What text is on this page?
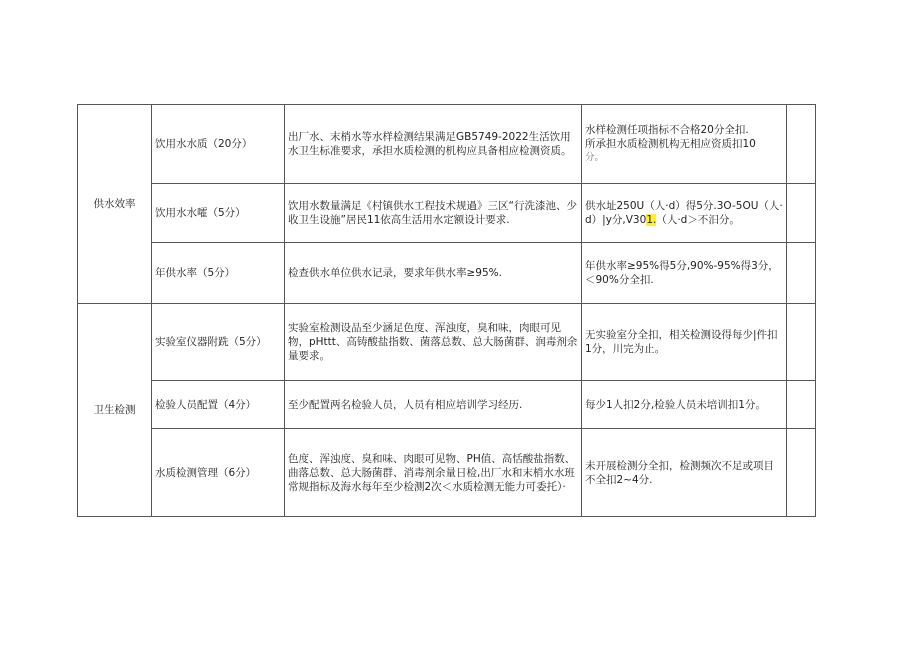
供水效率	饮用水水质（20分）	出厂水、末梢水等水样检测结果满足GB5749-2022生活饮用水卫生标准要求，承担水质检测的机构应具备相应检测资质。	水样检测任项指标不合格20分全扣.
所承担水质检测机构无相应资质扣10
分。	

	饮用水水嚯（5分）	饮用水数量满足《村镇供水工程技术规過》三区“行洗漆池、少收卫生设施”居民11依高生活用水定额设计要求.	供水址250U（人·d）得5分.3O-5OU（人·d）|y分,V301.（人·d＞不汨分。	
	年供水率（5分）	检查供水单位供水记录，要求年供水率≥95%.	年供水率≥95%得5分,90%-95%得3分，＜90%分全扣.	
卫生检测	实验室仪器附跣（5分）	实验室检测设品至少涵足色度、浑浊度，臭和味，肉眼可见物，pHttt、高铸酸盐指数、菌落总数、总大肠菌群、润毒剂余量要求。	无实验室分全扣，相关检测设得每少|件扣1分，川完为止。	
	检验人员配置（4分）	至少配置两名检验人员，人员有相应培训学习经历.	每少1人扣2分,检验人员未培训扣1分。	
	水质检测管理（6分）	色度、浑浊度、臭和味、肉眼可见物、PH值、高恬酸盐指数、曲落总数、总大肠菌群、消毒剂余量日检,出厂水和末梢水水班常规指标及海水每年至少检测2次＜水质检测无能力可委托）·	未开展检测分全扣，检测频次不足或项目不全扣2~4分.	
